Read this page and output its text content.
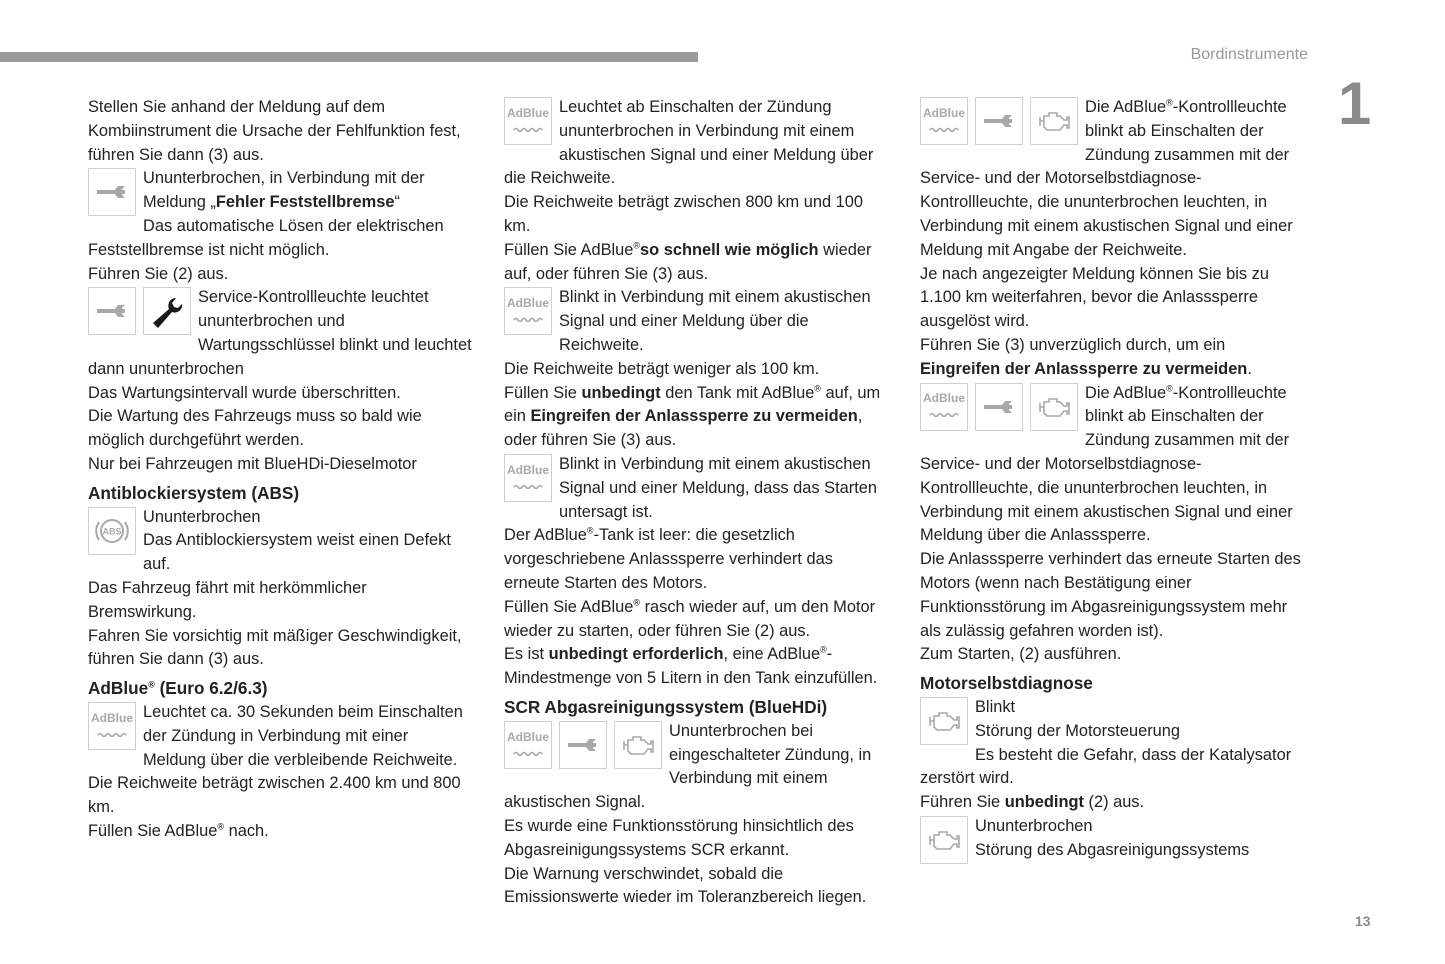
Bordinstrumente
1
13

Stellen Sie anhand der Meldung auf dem Kombiinstrument die Ursache der Fehlfunktion fest, führen Sie dann (3) aus.

Ununterbrochen, in Verbindung mit der Meldung „Fehler Feststellbremse“

Das automatische Lösen der elektrischen Feststellbremse ist nicht möglich.

Führen Sie (2) aus.

Service-Kontrollleuchte leuchtet ununterbrochen und Wartungsschlüssel blinkt und leuchtet dann ununterbrochen

Das Wartungsintervall wurde überschritten.

Die Wartung des Fahrzeugs muss so bald wie möglich durchgeführt werden.

Nur bei Fahrzeugen mit BlueHDi-Dieselmotor

Antiblockiersystem (ABS)

ABS
Ununterbrochen

Das Antiblockiersystem weist einen Defekt auf.

Das Fahrzeug fährt mit herkömmlicher Bremswirkung.

Fahren Sie vorsichtig mit mäßiger Geschwindigkeit, führen Sie dann (3) aus.

AdBlue® (Euro 6.2/6.3)

AdBlue Leuchtet ca. 30 Sekunden beim Einschalten der Zündung in Verbindung mit einer Meldung über die verbleibende Reichweite.

Die Reichweite beträgt zwischen 2.400 km und 800 km.

Füllen Sie AdBlue® nach.

AdBlue Leuchtet ab Einschalten der Zündung ununterbrochen in Verbindung mit einem akustischen Signal und einer Meldung über die Reichweite.

Die Reichweite beträgt zwischen 800 km und 100 km.

Füllen Sie AdBlue®so schnell wie möglich wieder auf, oder führen Sie (3) aus.

AdBlue Blinkt in Verbindung mit einem akustischen Signal und einer Meldung über die Reichweite.

Die Reichweite beträgt weniger als 100 km.

Füllen Sie unbedingt den Tank mit AdBlue® auf, um ein Eingreifen der Anlasssperre zu vermeiden, oder führen Sie (3) aus.

AdBlue Blinkt in Verbindung mit einem akustischen Signal und einer Meldung, dass das Starten untersagt ist.

Der AdBlue®-Tank ist leer: die gesetzlich vorgeschriebene Anlasssperre verhindert das erneute Starten des Motors.

Füllen Sie AdBlue® rasch wieder auf, um den Motor wieder zu starten, oder führen Sie (2) aus.

Es ist unbedingt erforderlich, eine AdBlue®-Mindestmenge von 5 Litern in den Tank einzufüllen.

SCR Abgasreinigungssystem (BlueHDi)

AdBlue	Ununterbrochen bei eingeschalteter Zündung, in Verbindung mit einem akustischen Signal.

Es wurde eine Funktionsstörung hinsichtlich des Abgasreinigungssystems SCR erkannt.

Die Warnung verschwindet, sobald die Emissionswerte wieder im Toleranzbereich liegen.

AdBlue	Die AdBlue®-Kontrollleuchte blinkt ab Einschalten der Zündung zusammen mit der Service- und der Motorselbstdiagnose-Kontrollleuchte, die ununterbrochen leuchten, in Verbindung mit einem akustischen Signal und einer Meldung mit Angabe der Reichweite.

Je nach angezeigter Meldung können Sie bis zu 1.100 km weiterfahren, bevor die Anlasssperre ausgelöst wird.

Führen Sie (3) unverzüglich durch, um ein Eingreifen der Anlasssperre zu vermeiden.

AdBlue	Die AdBlue®-Kontrollleuchte blinkt ab Einschalten der Zündung zusammen mit der Service- und der Motorselbstdiagnose-Kontrollleuchte, die ununterbrochen leuchten, in Verbindung mit einem akustischen Signal und einer Meldung über die Anlasssperre.

Die Anlasssperre verhindert das erneute Starten des Motors (wenn nach Bestätigung einer Funktionsstörung im Abgasreinigungssystem mehr als zulässig gefahren worden ist).

Zum Starten, (2) ausführen.

Motorselbstdiagnose

Blinkt

Störung der Motorsteuerung

Es besteht die Gefahr, dass der Katalysator zerstört wird.

Führen Sie unbedingt (2) aus.

Ununterbrochen

Störung des Abgasreinigungssystems
